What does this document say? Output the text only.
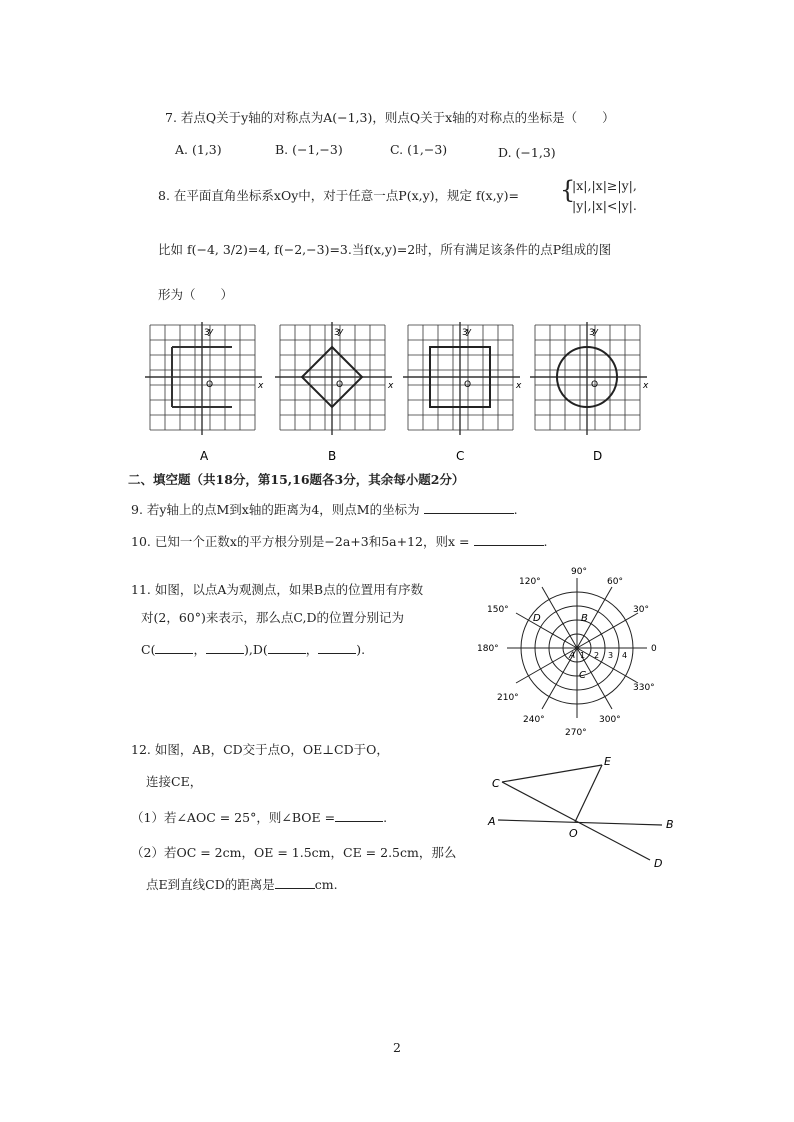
7. 若点Q关于y轴的对称点为A(−1,3)，则点Q关于x轴的对称点的坐标是（　　）
A. (1,3)	B. (−1,−3)	C. (1,−3)	D. (−1,3)
8. 在平面直角坐标系xOy中，对于任意一点P(x,y)，规定 f(x,y)= {
|x|,|x|≥|y|,
|y|,|x|<|y|.
比如 f(−4, 3/2)=4, f(−2,−3)=3.当f(x,y)=2时，所有满足该条件的点P组成的图
形为（　　）
3
y
O	x
A
3
y
O	x
B
3
y
O	x
C
3
y
O	x
D
二、填空题（共18分，第15,16题各3分，其余每小题2分）
9. 若y轴上的点M到x轴的距离为4，则点M的坐标为	.
10. 已知一个正数x的平方根分别是−2a+3和5a+12，则x =	.
11. 如图，以点A为观测点，如果B点的位置用有序数
对(2，60°)来表示，那么点C,D的位置分别记为
C(	，	),D(	，	).
90°
60°
120°
30°
150°
0
180°
330°
210°
300°
240°
270°
1 2 3 4
A
B
C
D
12. 如图，AB，CD交于点O，OE⊥CD于O，
连接CE，
（1）若∠AOC = 25°，则∠BOE =	.
（2）若OC = 2cm，OE = 1.5cm，CE = 2.5cm，那么
点E到直线CD的距离是	cm.
C
E
A
O
B
D
2
